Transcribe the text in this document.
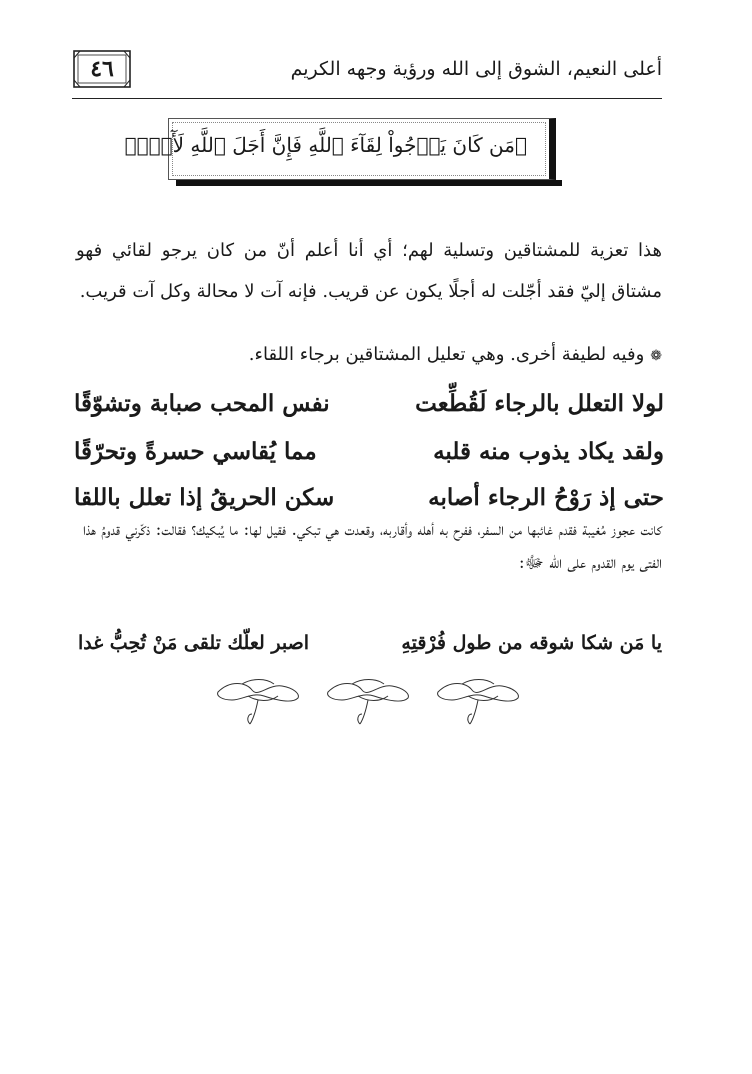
أعلى النعيم، الشوق إلى الله ورؤية وجهه الكريم
٤٦
﴿مَن كَانَ يَرۡجُواْ لِقَآءَ ٱللَّهِ فَإِنَّ أَجَلَ ٱللَّهِ لَأٓتٖۚ﴾
هذا تعزية للمشتاقين وتسلية لهم؛ أي أنا أعلم أنّ من كان يرجو لقائي فهو مشتاق إليّ فقد أجّلت له أجلًا يكون عن قريب. فإنه آت لا محالة وكل آت قريب.
❁وفيه لطيفة أخرى. وهي تعليل المشتاقين برجاء اللقاء.
لولا التعلل بالرجاء لَقُطِّعت
نفس المحب صبابة وتشوّقًا
ولقد يكاد يذوب منه قلبه
مما يُقاسي حسرةً وتحرّقًا
حتى إذ رَوْحُ الرجاء أصابه
سكن الحريقُ إذا تعلل باللقا
كانت عجوز مُغيبة فقدم غائبها من السفر، ففرح به أهله وأقاربه، وقعدت هي تبكي. فقيل لها: ما يُبكيك؟ فقالت: ذكّرني قدومُ هذا الفتى يوم القدوم على الله ﷻ:
يا مَن شكا شوقه من طول فُرْقتِهِ
اصبر لعلّك تلقى مَنْ تُحِبُّ غدا
